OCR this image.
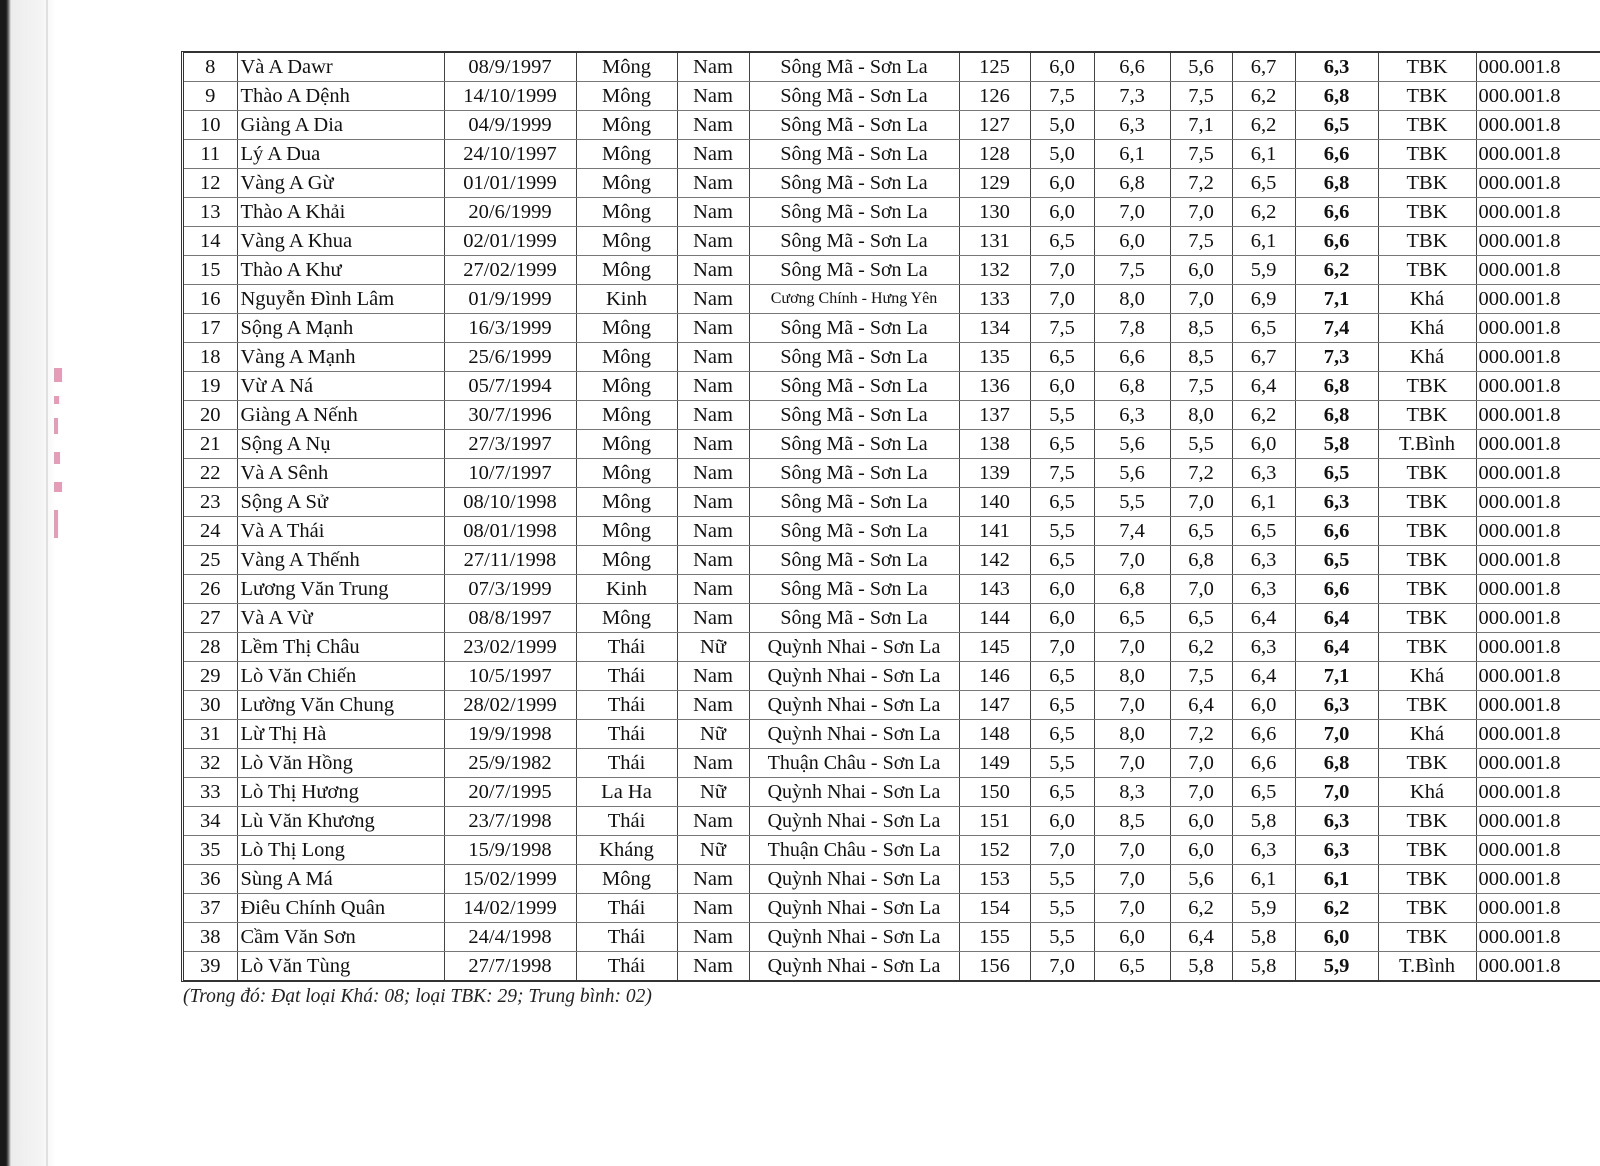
8	Và A Dawr	08/9/1997	Mông	Nam	Sông Mã - Sơn La	125	6,0	6,6	5,6	6,7	6,3	TBK	000.001.8
9	Thào A Dệnh	14/10/1999	Mông	Nam	Sông Mã - Sơn La	126	7,5	7,3	7,5	6,2	6,8	TBK	000.001.8
10	Giàng A Dia	04/9/1999	Mông	Nam	Sông Mã - Sơn La	127	5,0	6,3	7,1	6,2	6,5	TBK	000.001.8
11	Lý A Dua	24/10/1997	Mông	Nam	Sông Mã - Sơn La	128	5,0	6,1	7,5	6,1	6,6	TBK	000.001.8
12	Vàng A Gừ	01/01/1999	Mông	Nam	Sông Mã - Sơn La	129	6,0	6,8	7,2	6,5	6,8	TBK	000.001.8
13	Thào A Khải	20/6/1999	Mông	Nam	Sông Mã - Sơn La	130	6,0	7,0	7,0	6,2	6,6	TBK	000.001.8
14	Vàng A Khua	02/01/1999	Mông	Nam	Sông Mã - Sơn La	131	6,5	6,0	7,5	6,1	6,6	TBK	000.001.8
15	Thào A Khư	27/02/1999	Mông	Nam	Sông Mã - Sơn La	132	7,0	7,5	6,0	5,9	6,2	TBK	000.001.8
16	Nguyễn Đình Lâm	01/9/1999	Kinh	Nam	Cương Chính - Hưng Yên	133	7,0	8,0	7,0	6,9	7,1	Khá	000.001.8
17	Sộng A Mạnh	16/3/1999	Mông	Nam	Sông Mã - Sơn La	134	7,5	7,8	8,5	6,5	7,4	Khá	000.001.8
18	Vàng A Mạnh	25/6/1999	Mông	Nam	Sông Mã - Sơn La	135	6,5	6,6	8,5	6,7	7,3	Khá	000.001.8
19	Vừ A Ná	05/7/1994	Mông	Nam	Sông Mã - Sơn La	136	6,0	6,8	7,5	6,4	6,8	TBK	000.001.8
20	Giàng A Nếnh	30/7/1996	Mông	Nam	Sông Mã - Sơn La	137	5,5	6,3	8,0	6,2	6,8	TBK	000.001.8
21	Sộng A Nụ	27/3/1997	Mông	Nam	Sông Mã - Sơn La	138	6,5	5,6	5,5	6,0	5,8	T.Bình	000.001.8
22	Và A Sênh	10/7/1997	Mông	Nam	Sông Mã - Sơn La	139	7,5	5,6	7,2	6,3	6,5	TBK	000.001.8
23	Sộng A Sử	08/10/1998	Mông	Nam	Sông Mã - Sơn La	140	6,5	5,5	7,0	6,1	6,3	TBK	000.001.8
24	Và A Thái	08/01/1998	Mông	Nam	Sông Mã - Sơn La	141	5,5	7,4	6,5	6,5	6,6	TBK	000.001.8
25	Vàng A Thếnh	27/11/1998	Mông	Nam	Sông Mã - Sơn La	142	6,5	7,0	6,8	6,3	6,5	TBK	000.001.8
26	Lương Văn Trung	07/3/1999	Kinh	Nam	Sông Mã - Sơn La	143	6,0	6,8	7,0	6,3	6,6	TBK	000.001.8
27	Và A Vừ	08/8/1997	Mông	Nam	Sông Mã - Sơn La	144	6,0	6,5	6,5	6,4	6,4	TBK	000.001.8
28	Lềm Thị Châu	23/02/1999	Thái	Nữ	Quỳnh Nhai - Sơn La	145	7,0	7,0	6,2	6,3	6,4	TBK	000.001.8
29	Lò Văn Chiến	10/5/1997	Thái	Nam	Quỳnh Nhai - Sơn La	146	6,5	8,0	7,5	6,4	7,1	Khá	000.001.8
30	Lường Văn Chung	28/02/1999	Thái	Nam	Quỳnh Nhai - Sơn La	147	6,5	7,0	6,4	6,0	6,3	TBK	000.001.8
31	Lừ Thị Hà	19/9/1998	Thái	Nữ	Quỳnh Nhai - Sơn La	148	6,5	8,0	7,2	6,6	7,0	Khá	000.001.8
32	Lò Văn Hồng	25/9/1982	Thái	Nam	Thuận Châu - Sơn La	149	5,5	7,0	7,0	6,6	6,8	TBK	000.001.8
33	Lò Thị Hương	20/7/1995	La Ha	Nữ	Quỳnh Nhai - Sơn La	150	6,5	8,3	7,0	6,5	7,0	Khá	000.001.8
34	Lù Văn Khương	23/7/1998	Thái	Nam	Quỳnh Nhai - Sơn La	151	6,0	8,5	6,0	5,8	6,3	TBK	000.001.8
35	Lò Thị Long	15/9/1998	Kháng	Nữ	Thuận Châu - Sơn La	152	7,0	7,0	6,0	6,3	6,3	TBK	000.001.8
36	Sùng A Má	15/02/1999	Mông	Nam	Quỳnh Nhai - Sơn La	153	5,5	7,0	5,6	6,1	6,1	TBK	000.001.8
37	Điêu Chính Quân	14/02/1999	Thái	Nam	Quỳnh Nhai - Sơn La	154	5,5	7,0	6,2	5,9	6,2	TBK	000.001.8
38	Cầm Văn Sơn	24/4/1998	Thái	Nam	Quỳnh Nhai - Sơn La	155	5,5	6,0	6,4	5,8	6,0	TBK	000.001.8
39	Lò Văn Tùng	27/7/1998	Thái	Nam	Quỳnh Nhai - Sơn La	156	7,0	6,5	5,8	5,8	5,9	T.Bình	000.001.8
(Trong đó: Đạt loại Khá: 08; loại TBK: 29; Trung bình: 02)
